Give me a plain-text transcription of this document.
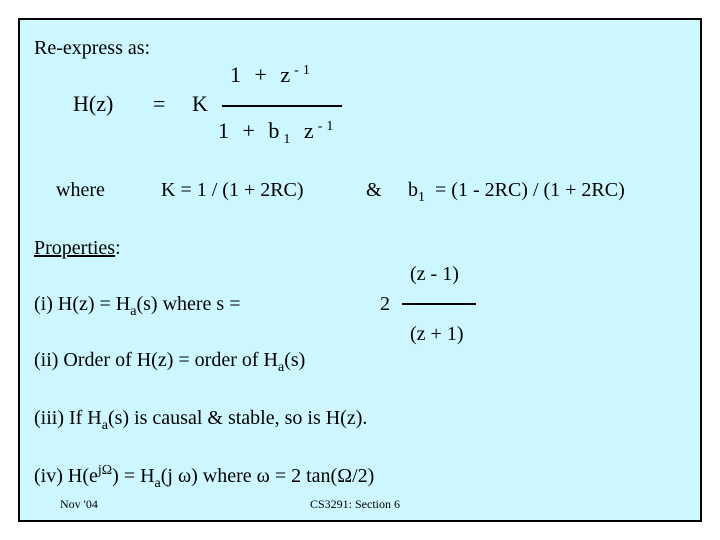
Re-express as:
H(z) = K
$1 + z^{-1}$
$1 + b_1$ $z^{-1}$
where	K = 1 / (1 + 2RC)	& $b_1 = (1 - 2RC) / (1 + 2RC)$
Properties:
(i) $H(z) = H_a(s)$ where s =	2
(z - 1)
(z + 1)
(ii) Order of H(z) = order of $H_a(s)$
(iii) If $H_a(s)$ is causal & stable, so is H(z).
(iv) $H(e^{j\Omega}) = H_a(j$ ω) where ω = 2 tan(Ω/2)
Nov '04	CS3291: Section 6
